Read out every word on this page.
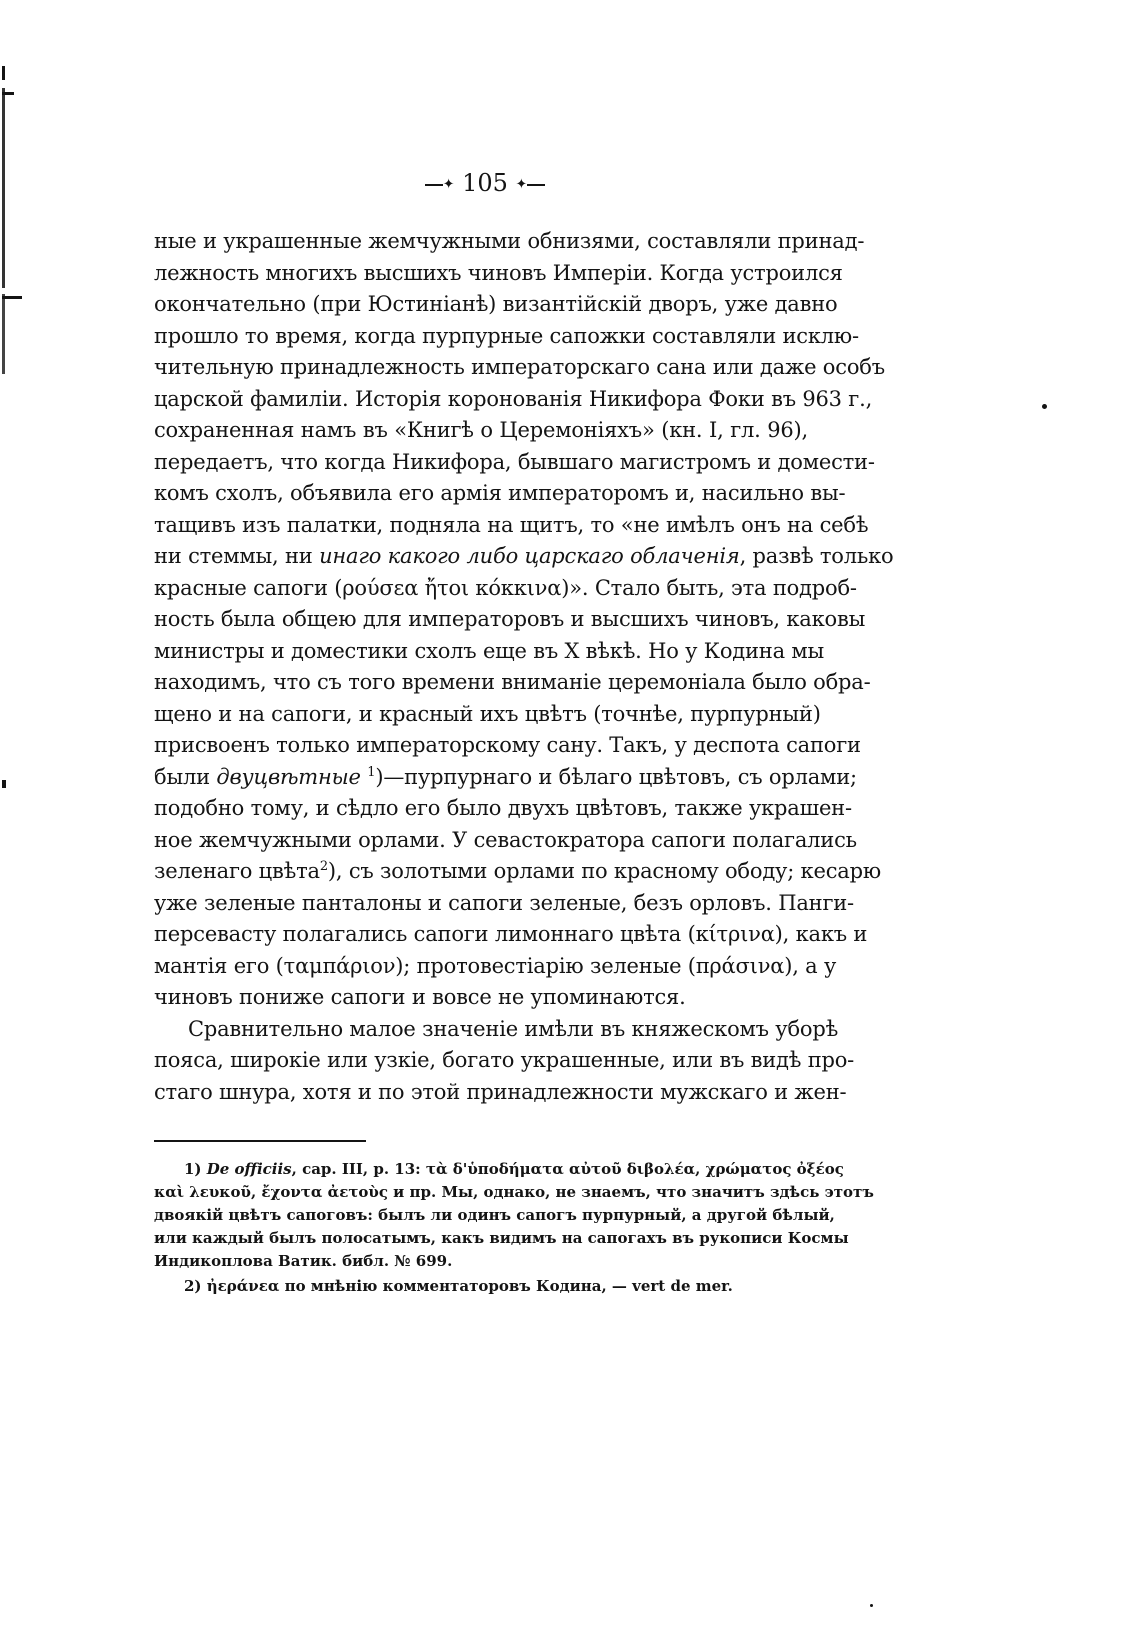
✦ 105 ✦
ные и украшенные жемчужными обнизями, составляли принад-
лежность многихъ высшихъ чиновъ Имперіи. Когда устроился
окончательно (при Юстиніанѣ) византійскій дворъ, уже давно
прошло то время, когда пурпурные сапожки составляли исклю-
чительную принадлежность императорскаго сана или даже особъ
царской фамиліи. Исторія коронованія Никифора Фоки въ 963 г.,
сохраненная намъ въ «Книгѣ о Церемоніяхъ» (кн. I, гл. 96),
передаетъ, что когда Никифора, бывшаго магистромъ и домести-
комъ схолъ, объявила его армія императоромъ и, насильно вы-
тащивъ изъ палатки, подняла на щитъ, то «не имѣлъ онъ на себѣ
ни стеммы, ни инаго какого либо царскаго облаченія, развѣ только
красные сапоги (ρούσεα ἤτοι κόκκινα)». Стало быть, эта подроб-
ность была общею для императоровъ и высшихъ чиновъ, каковы
министры и доместики схолъ еще въ X вѣкѣ. Но у Кодина мы
находимъ, что съ того времени вниманіе церемоніала было обра-
щено и на сапоги, и красный ихъ цвѣтъ (точнѣе, пурпурный)
присвоенъ только императорскому сану. Такъ, у деспота сапоги
были двуцвѣтные $^1$)—пурпурнаго и бѣлаго цвѣтовъ, съ орлами;
подобно тому, и сѣдло его было двухъ цвѣтовъ, также украшен-
ное жемчужными орлами. У севастократора сапоги полагались
зеленаго цвѣта$^2$), съ золотыми орлами по красному ободу; кесарю
уже зеленые панталоны и сапоги зеленые, безъ орловъ. Панги-
персевасту полагались сапоги лимоннаго цвѣта (κίτρινα), какъ и
мантія его (ταμπάριον); протовестіарію зеленые (πράσινα), а у
чиновъ пониже сапоги и вовсе не упоминаются.
Сравнительно малое значеніе имѣли въ княжескомъ уборѣ
пояса, широкіе или узкіе, богато украшенные, или въ видѣ про-
стаго шнура, хотя и по этой принадлежности мужскаго и жен-
1) De officiis, cap. III, p. 13: τὰ δ'ὑποδήματα αὐτοῦ διβολέα, χρώματος ὀξέος
καὶ λευκοῦ, ἔχοντα ἀετοὺς и пр. Мы, однако, не знаемъ, что значитъ здѣсь этотъ
двоякій цвѣтъ сапоговъ: былъ ли одинъ сапогъ пурпурный, а другой бѣлый,
или каждый былъ полосатымъ, какъ видимъ на сапогахъ въ рукописи Космы
Индикоплова Ватик. библ. № 699.
2) ἠεράνεα по мнѣнію комментаторовъ Кодина, — vert de mer.
